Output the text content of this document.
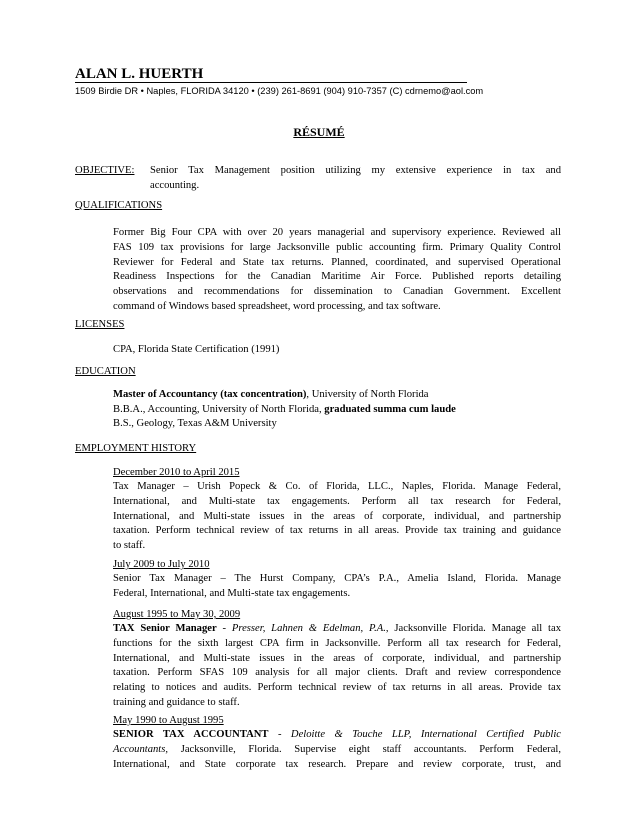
ALAN L. HUERTH
1509 Birdie DR • Naples, FLORIDA 34120 • (239) 261-8691 (904) 910-7357 (C) cdrnemo@aol.com
RÉSUMÉ
OBJECTIVE: Senior Tax Management position utilizing my extensive experience in tax and
accounting.
QUALIFICATIONS
Former Big Four CPA with over 20 years managerial and supervisory experience. Reviewed all
FAS 109 tax provisions for large Jacksonville public accounting firm. Primary Quality Control
Reviewer for Federal and State tax returns. Planned, coordinated, and supervised Operational
Readiness Inspections for the Canadian Maritime Air Force. Published reports detailing
observations and recommendations for dissemination to Canadian Government. Excellent
command of Windows based spreadsheet, word processing, and tax software.
LICENSES
CPA, Florida State Certification (1991)
EDUCATION
Master of Accountancy (tax concentration), University of North Florida
B.B.A., Accounting, University of North Florida, graduated summa cum laude
B.S., Geology, Texas A&M University
EMPLOYMENT HISTORY
December 2010 to April 2015
Tax Manager – Urish Popeck & Co. of Florida, LLC., Naples, Florida. Manage Federal,
International, and Multi-state tax engagements. Perform all tax research for Federal,
International, and Multi-state issues in the areas of corporate, individual, and partnership
taxation. Perform technical review of tax returns in all areas. Provide tax training and guidance
to staff.
July 2009 to July 2010
Senior Tax Manager – The Hurst Company, CPA’s P.A., Amelia Island, Florida. Manage
Federal, International, and Multi-state tax engagements.
August 1995 to May 30, 2009
TAX Senior Manager - Presser, Lahnen & Edelman, P.A., Jacksonville Florida. Manage all tax
functions for the sixth largest CPA firm in Jacksonville. Perform all tax research for Federal,
International, and Multi-state issues in the areas of corporate, individual, and partnership
taxation. Perform SFAS 109 analysis for all major clients. Draft and review correspondence
relating to notices and audits. Perform technical review of tax returns in all areas. Provide tax
training and guidance to staff.
May 1990 to August 1995
SENIOR TAX ACCOUNTANT - Deloitte & Touche LLP, International Certified Public
Accountants, Jacksonville, Florida. Supervise eight staff accountants. Perform Federal,
International, and State corporate tax research. Prepare and review corporate, trust, and
